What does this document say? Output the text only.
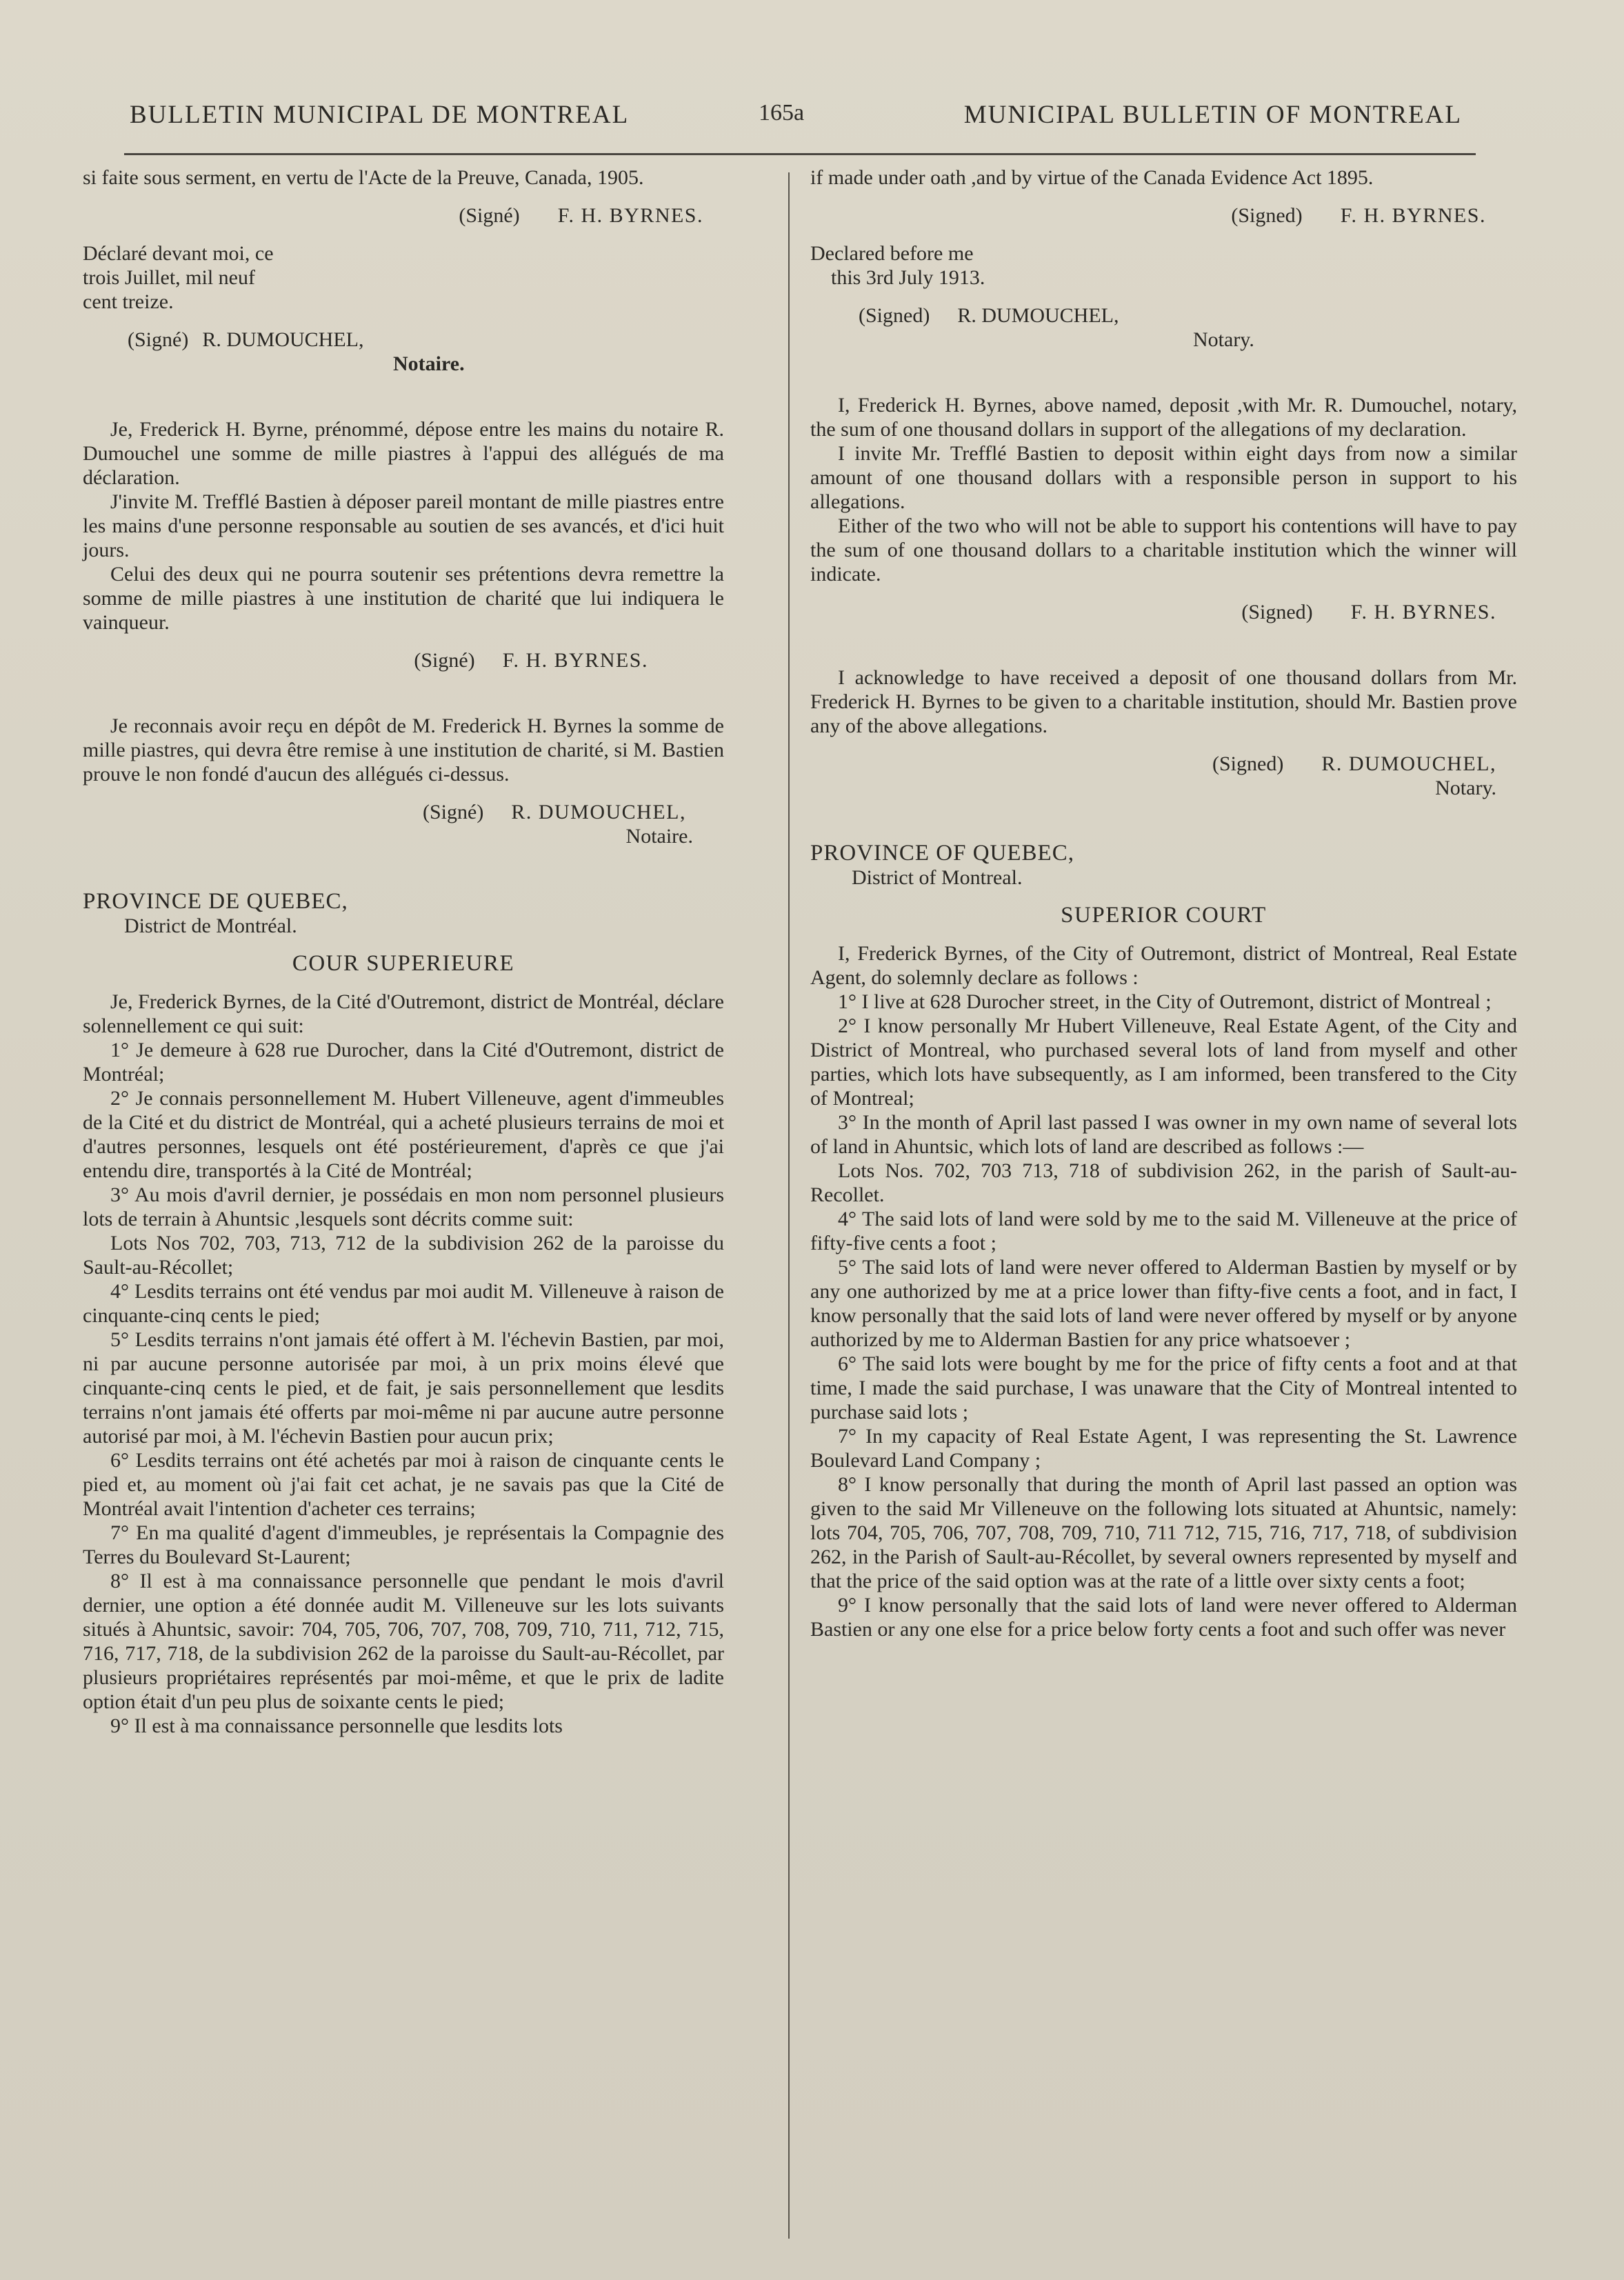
BULLETIN MUNICIPAL DE MONTREAL	165a	MUNICIPAL BULLETIN OF MONTREAL

si faite sous serment, en vertu de l'Acte de la Preuve, Canada, 1905.

(Signé) F. H. BYRNES.

Déclaré devant moi, ce

trois Juillet, mil neuf

cent treize.

(Signé) R. DUMOUCHEL,

Notaire.

Je, Frederick H. Byrne, prénommé, dépose entre les mains du notaire R. Dumouchel une somme de mille piastres à l'appui des allégués de ma déclaration.

J'invite M. Trefflé Bastien à déposer pareil montant de mille piastres entre les mains d'une personne responsable au soutien de ses avancés, et d'ici huit jours.

Celui des deux qui ne pourra soutenir ses prétentions devra remettre la somme de mille piastres à une institution de charité que lui indiquera le vainqueur.

(Signé) F. H. BYRNES.

Je reconnais avoir reçu en dépôt de M. Frederick H. Byrnes la somme de mille piastres, qui devra être remise à une institution de charité, si M. Bastien prouve le non fondé d'aucun des allégués ci-dessus.

(Signé) R. DUMOUCHEL,

Notaire.

PROVINCE DE QUEBEC,

District de Montréal.

COUR SUPERIEURE

Je, Frederick Byrnes, de la Cité d'Outremont, district de Montréal, déclare solennellement ce qui suit:

1° Je demeure à 628 rue Durocher, dans la Cité d'Outremont, district de Montréal;

2° Je connais personnellement M. Hubert Villeneuve, agent d'immeubles de la Cité et du district de Montréal, qui a acheté plusieurs terrains de moi et d'autres personnes, lesquels ont été postérieurement, d'après ce que j'ai entendu dire, transportés à la Cité de Montréal;

3° Au mois d'avril dernier, je possédais en mon nom personnel plusieurs lots de terrain à Ahuntsic ,lesquels sont décrits comme suit:

Lots Nos 702, 703, 713, 712 de la subdivision 262 de la paroisse du Sault-au-Récollet;

4° Lesdits terrains ont été vendus par moi audit M. Villeneuve à raison de cinquante-cinq cents le pied;

5° Lesdits terrains n'ont jamais été offert à M. l'échevin Bastien, par moi, ni par aucune personne autorisée par moi, à un prix moins élevé que cinquante-cinq cents le pied, et de fait, je sais personnellement que lesdits terrains n'ont jamais été offerts par moi-même ni par aucune autre personne autorisé par moi, à M. l'échevin Bastien pour aucun prix;

6° Lesdits terrains ont été achetés par moi à raison de cinquante cents le pied et, au moment où j'ai fait cet achat, je ne savais pas que la Cité de Montréal avait l'intention d'acheter ces terrains;

7° En ma qualité d'agent d'immeubles, je représentais la Compagnie des Terres du Boulevard St-Laurent;

8° Il est à ma connaissance personnelle que pendant le mois d'avril dernier, une option a été donnée audit M. Villeneuve sur les lots suivants situés à Ahuntsic, savoir: 704, 705, 706, 707, 708, 709, 710, 711, 712, 715, 716, 717, 718, de la subdivision 262 de la paroisse du Sault-au-Récollet, par plusieurs propriétaires représentés par moi-même, et que le prix de ladite option était d'un peu plus de soixante cents le pied;

9° Il est à ma connaissance personnelle que lesdits lots

if made under oath ,and by virtue of the Canada Evidence Act 1895.

(Signed) F. H. BYRNES.

Declared before me

this 3rd July 1913.

(Signed) R. DUMOUCHEL,

Notary.

I, Frederick H. Byrnes, above named, deposit ,with Mr. R. Dumouchel, notary, the sum of one thousand dollars in support of the allegations of my declaration.

I invite Mr. Trefflé Bastien to deposit within eight days from now a similar amount of one thousand dollars with a responsible person in support to his allegations.

Either of the two who will not be able to support his contentions will have to pay the sum of one thousand dollars to a charitable institution which the winner will indicate.

(Signed) F. H. BYRNES.

I acknowledge to have received a deposit of one thousand dollars from Mr. Frederick H. Byrnes to be given to a charitable institution, should Mr. Bastien prove any of the above allegations.

(Signed) R. DUMOUCHEL,

Notary.

PROVINCE OF QUEBEC,

District of Montreal.

SUPERIOR COURT

I, Frederick Byrnes, of the City of Outremont, district of Montreal, Real Estate Agent, do solemnly declare as follows :

1° I live at 628 Durocher street, in the City of Outremont, district of Montreal ;

2° I know personally Mr Hubert Villeneuve, Real Estate Agent, of the City and District of Montreal, who purchased several lots of land from myself and other parties, which lots have subsequently, as I am informed, been transfered to the City of Montreal;

3° In the month of April last passed I was owner in my own name of several lots of land in Ahuntsic, which lots of land are described as follows :—

Lots Nos. 702, 703 713, 718 of subdivision 262, in the parish of Sault-au-Recollet.

4° The said lots of land were sold by me to the said M. Villeneuve at the price of fifty-five cents a foot ;

5° The said lots of land were never offered to Alderman Bastien by myself or by any one authorized by me at a price lower than fifty-five cents a foot, and in fact, I know personally that the said lots of land were never offered by myself or by anyone authorized by me to Alderman Bastien for any price whatsoever ;

6° The said lots were bought by me for the price of fifty cents a foot and at that time, I made the said purchase, I was unaware that the City of Montreal intented to purchase said lots ;

7° In my capacity of Real Estate Agent, I was representing the St. Lawrence Boulevard Land Company ;

8° I know personally that during the month of April last passed an option was given to the said Mr Villeneuve on the following lots situated at Ahuntsic, namely: lots 704, 705, 706, 707, 708, 709, 710, 711 712, 715, 716, 717, 718, of subdivision 262, in the Parish of Sault-au-Récollet, by several owners represented by myself and that the price of the said option was at the rate of a little over sixty cents a foot;

9° I know personally that the said lots of land were never offered to Alderman Bastien or any one else for a price below forty cents a foot and such offer was never
